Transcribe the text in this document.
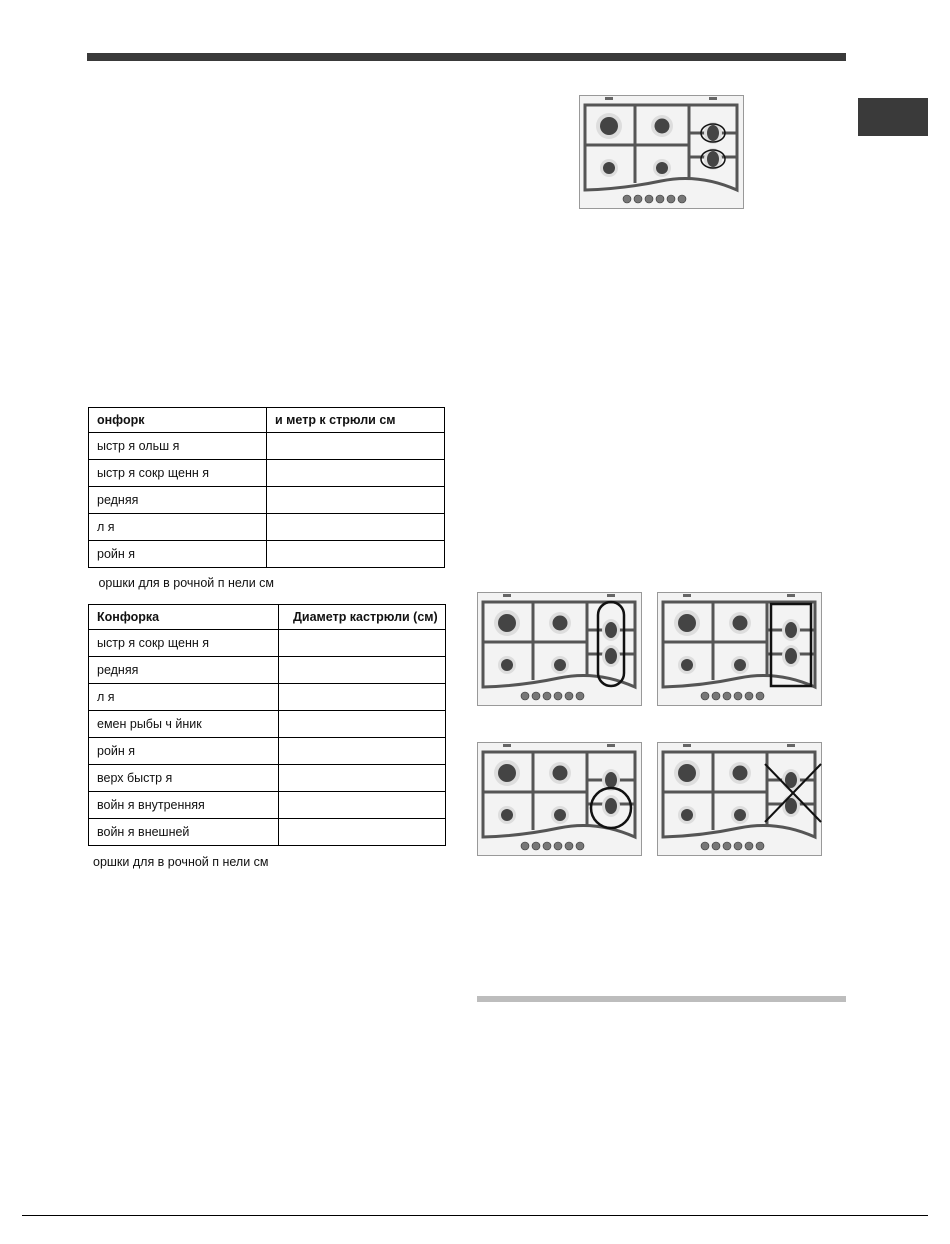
онфорк	и метр к стрюли см
ыстр я ольш я	
ыстр я сокр щенн я	
редняя	
л я	
ройн я	
оршки для в рочной п нели см
Конфорка	Диаметр кастрюли (см)
ыстр я сокр щенн я	
редняя	
л я	
емен рыбы ч йник	
ройн я	
верх быстр я	
войн я внутренняя	
войн я внешней	
оршки для в рочной п нели см
